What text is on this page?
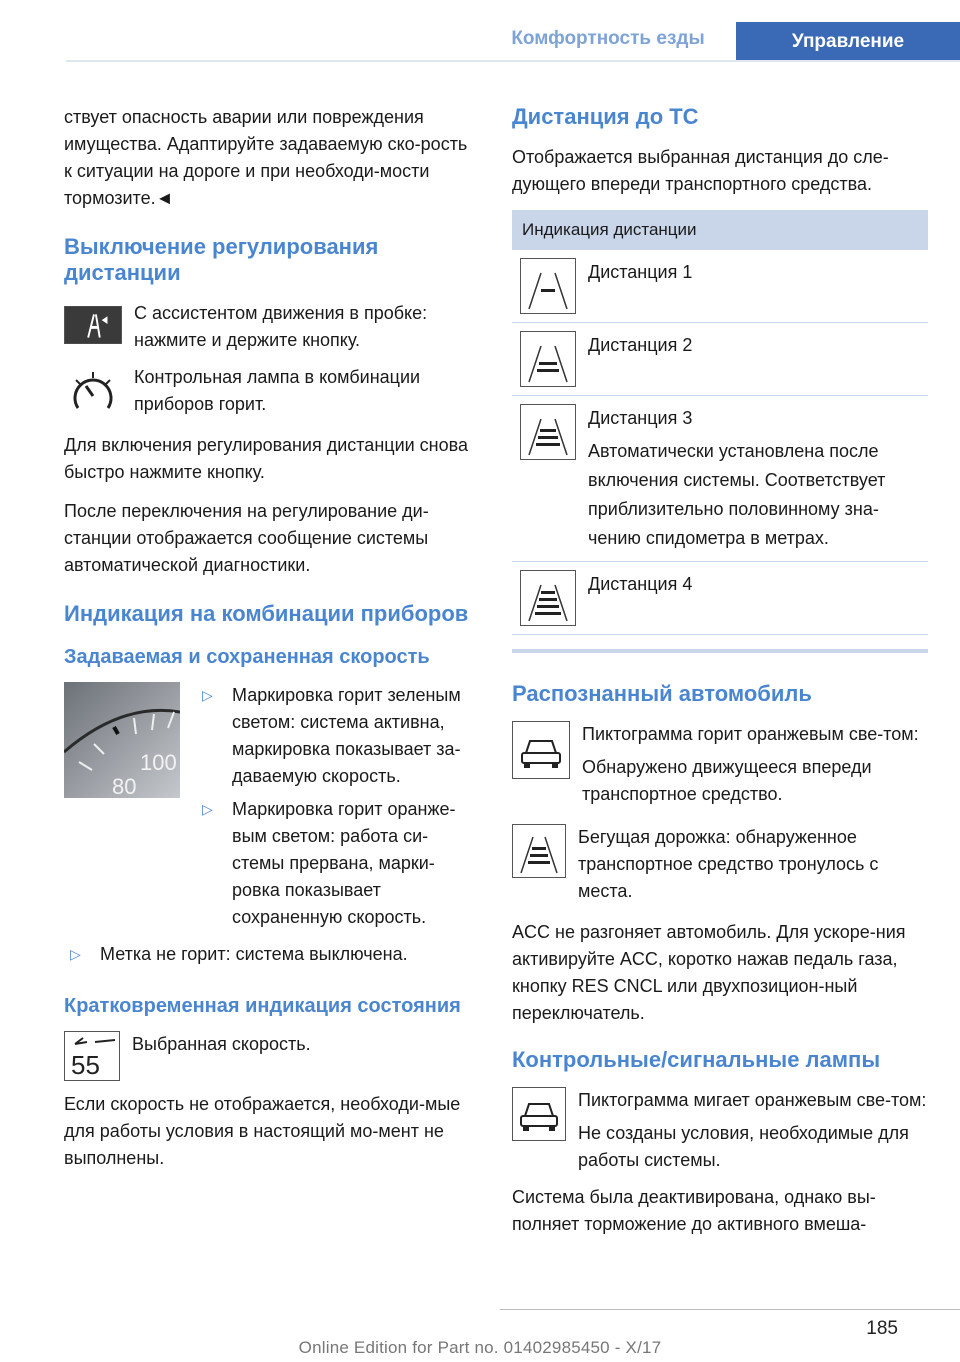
Комфортность езды	Управление

ствует опасность аварии или повреждения имущества. Адаптируйте задаваемую ско-рость к ситуации на дороге и при необходи-мости тормозите.◄

Выключение регулирования дистанции
С ассистентом движения в пробке: нажмите и держите кнопку.
Контрольная лампа в комбинации приборов горит.

Для включения регулирования дистанции снова быстро нажмите кнопку.

После переключения на регулирование ди-станции отображается сообщение системы автоматической диагностики.

Индикация на комбинации приборов
Задаваемая и сохраненная скорость
100
80
▷ Маркировка горит зеленым светом: система активна, маркировка показывает за-даваемую скорость.
▷ Маркировка горит оранже-вым светом: работа си-стемы прервана, марки-ровка показывает сохраненную скорость.
▷ Метка не горит: система выключена.
Кратковременная индикация состояния
55
Выбранная скорость.

Если скорость не отображается, необходи-мые для работы условия в настоящий мо-мент не выполнены.

Дистанция до ТС

Отображается выбранная дистанция до сле-дующего впереди транспортного средства.

Индикация дистанции	

	Дистанция 1

	Дистанция 2

Дистанция 3
Автоматически установлена после включения системы. Соответствует приблизительно половинному зна-чению спидометра в метрах.

	Дистанция 4
Распознанный автомобиль
Пиктограмма горит оранжевым све-том:
Обнаружено движущееся впереди транспортное средство.
Бегущая дорожка: обнаруженное транспортное средство тронулось с места.

ACC не разгоняет автомобиль. Для ускоре-ния активируйте ACC, коротко нажав педаль газа, кнопку RES CNCL или двухпозицион-ный переключатель.

Контрольные/сигнальные лампы
Пиктограмма мигает оранжевым све-том:
Не созданы условия, необходимые для работы системы.

Система была деактивирована, однако вы-полняет торможение до активного вмеша-

185
Online Edition for Part no. 01402985450 - X/17
